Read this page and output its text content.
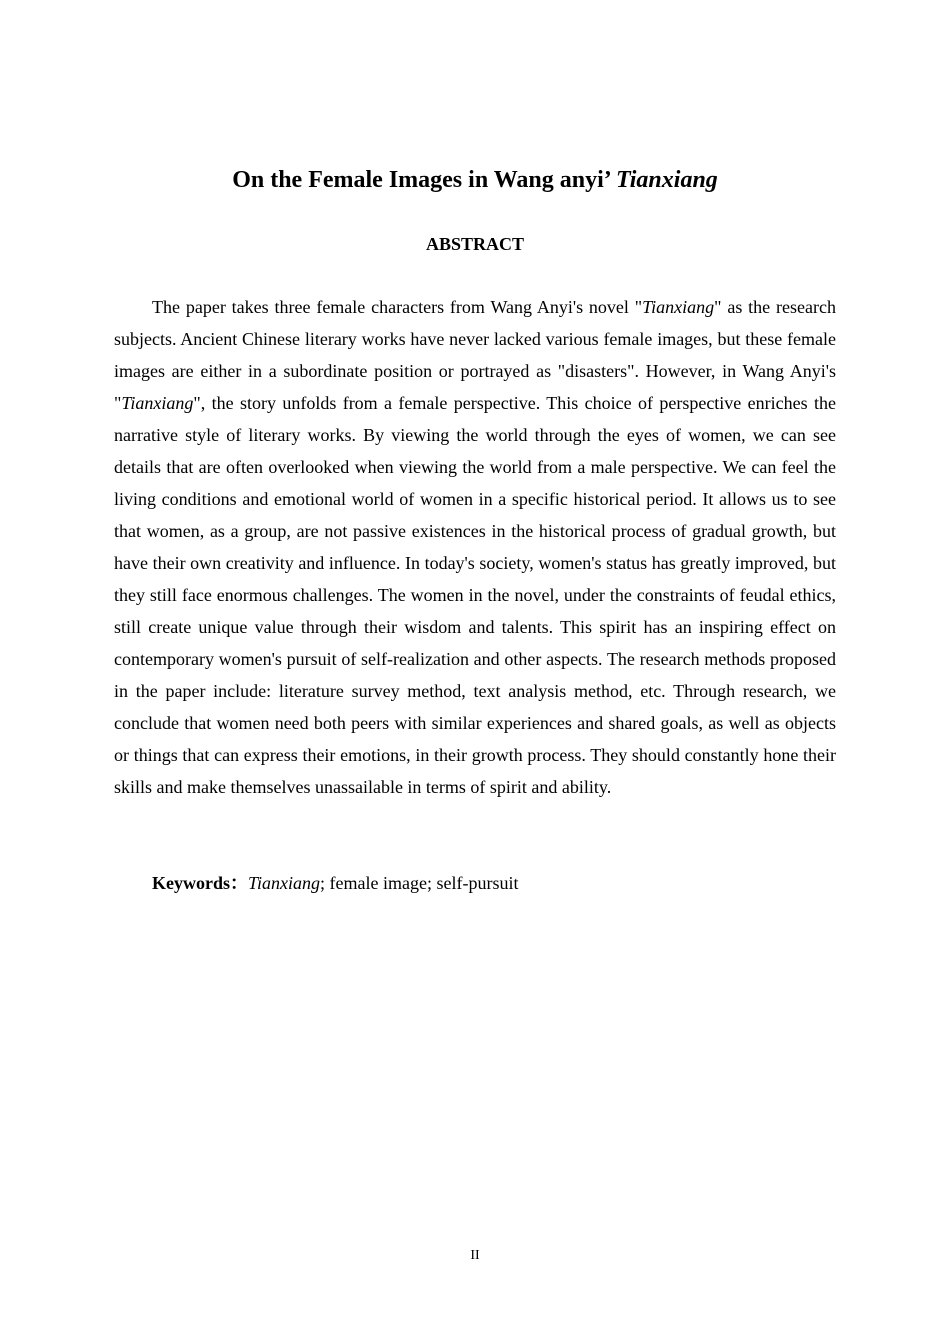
On the Female Images in Wang anyi’ Tianxiang
ABSTRACT

The paper takes three female characters from Wang Anyi's novel "Tianxiang" as the research subjects. Ancient Chinese literary works have never lacked various female images, but these female images are either in a subordinate position or portrayed as "disasters". However, in Wang Anyi's "Tianxiang", the story unfolds from a female perspective. This choice of perspective enriches the narrative style of literary works. By viewing the world through the eyes of women, we can see details that are often overlooked when viewing the world from a male perspective. We can feel the living conditions and emotional world of women in a specific historical period. It allows us to see that women, as a group, are not passive existences in the historical process of gradual growth, but have their own creativity and influence. In today's society, women's status has greatly improved, but they still face enormous challenges. The women in the novel, under the constraints of feudal ethics, still create unique value through their wisdom and talents. This spirit has an inspiring effect on contemporary women's pursuit of self-realization and other aspects. The research methods proposed in the paper include: literature survey method, text analysis method, etc. Through research, we conclude that women need both peers with similar experiences and shared goals, as well as objects or things that can express their emotions, in their growth process. They should constantly hone their skills and make themselves unassailable in terms of spirit and ability.

Keywords：Tianxiang; female image; self-pursuit

II
